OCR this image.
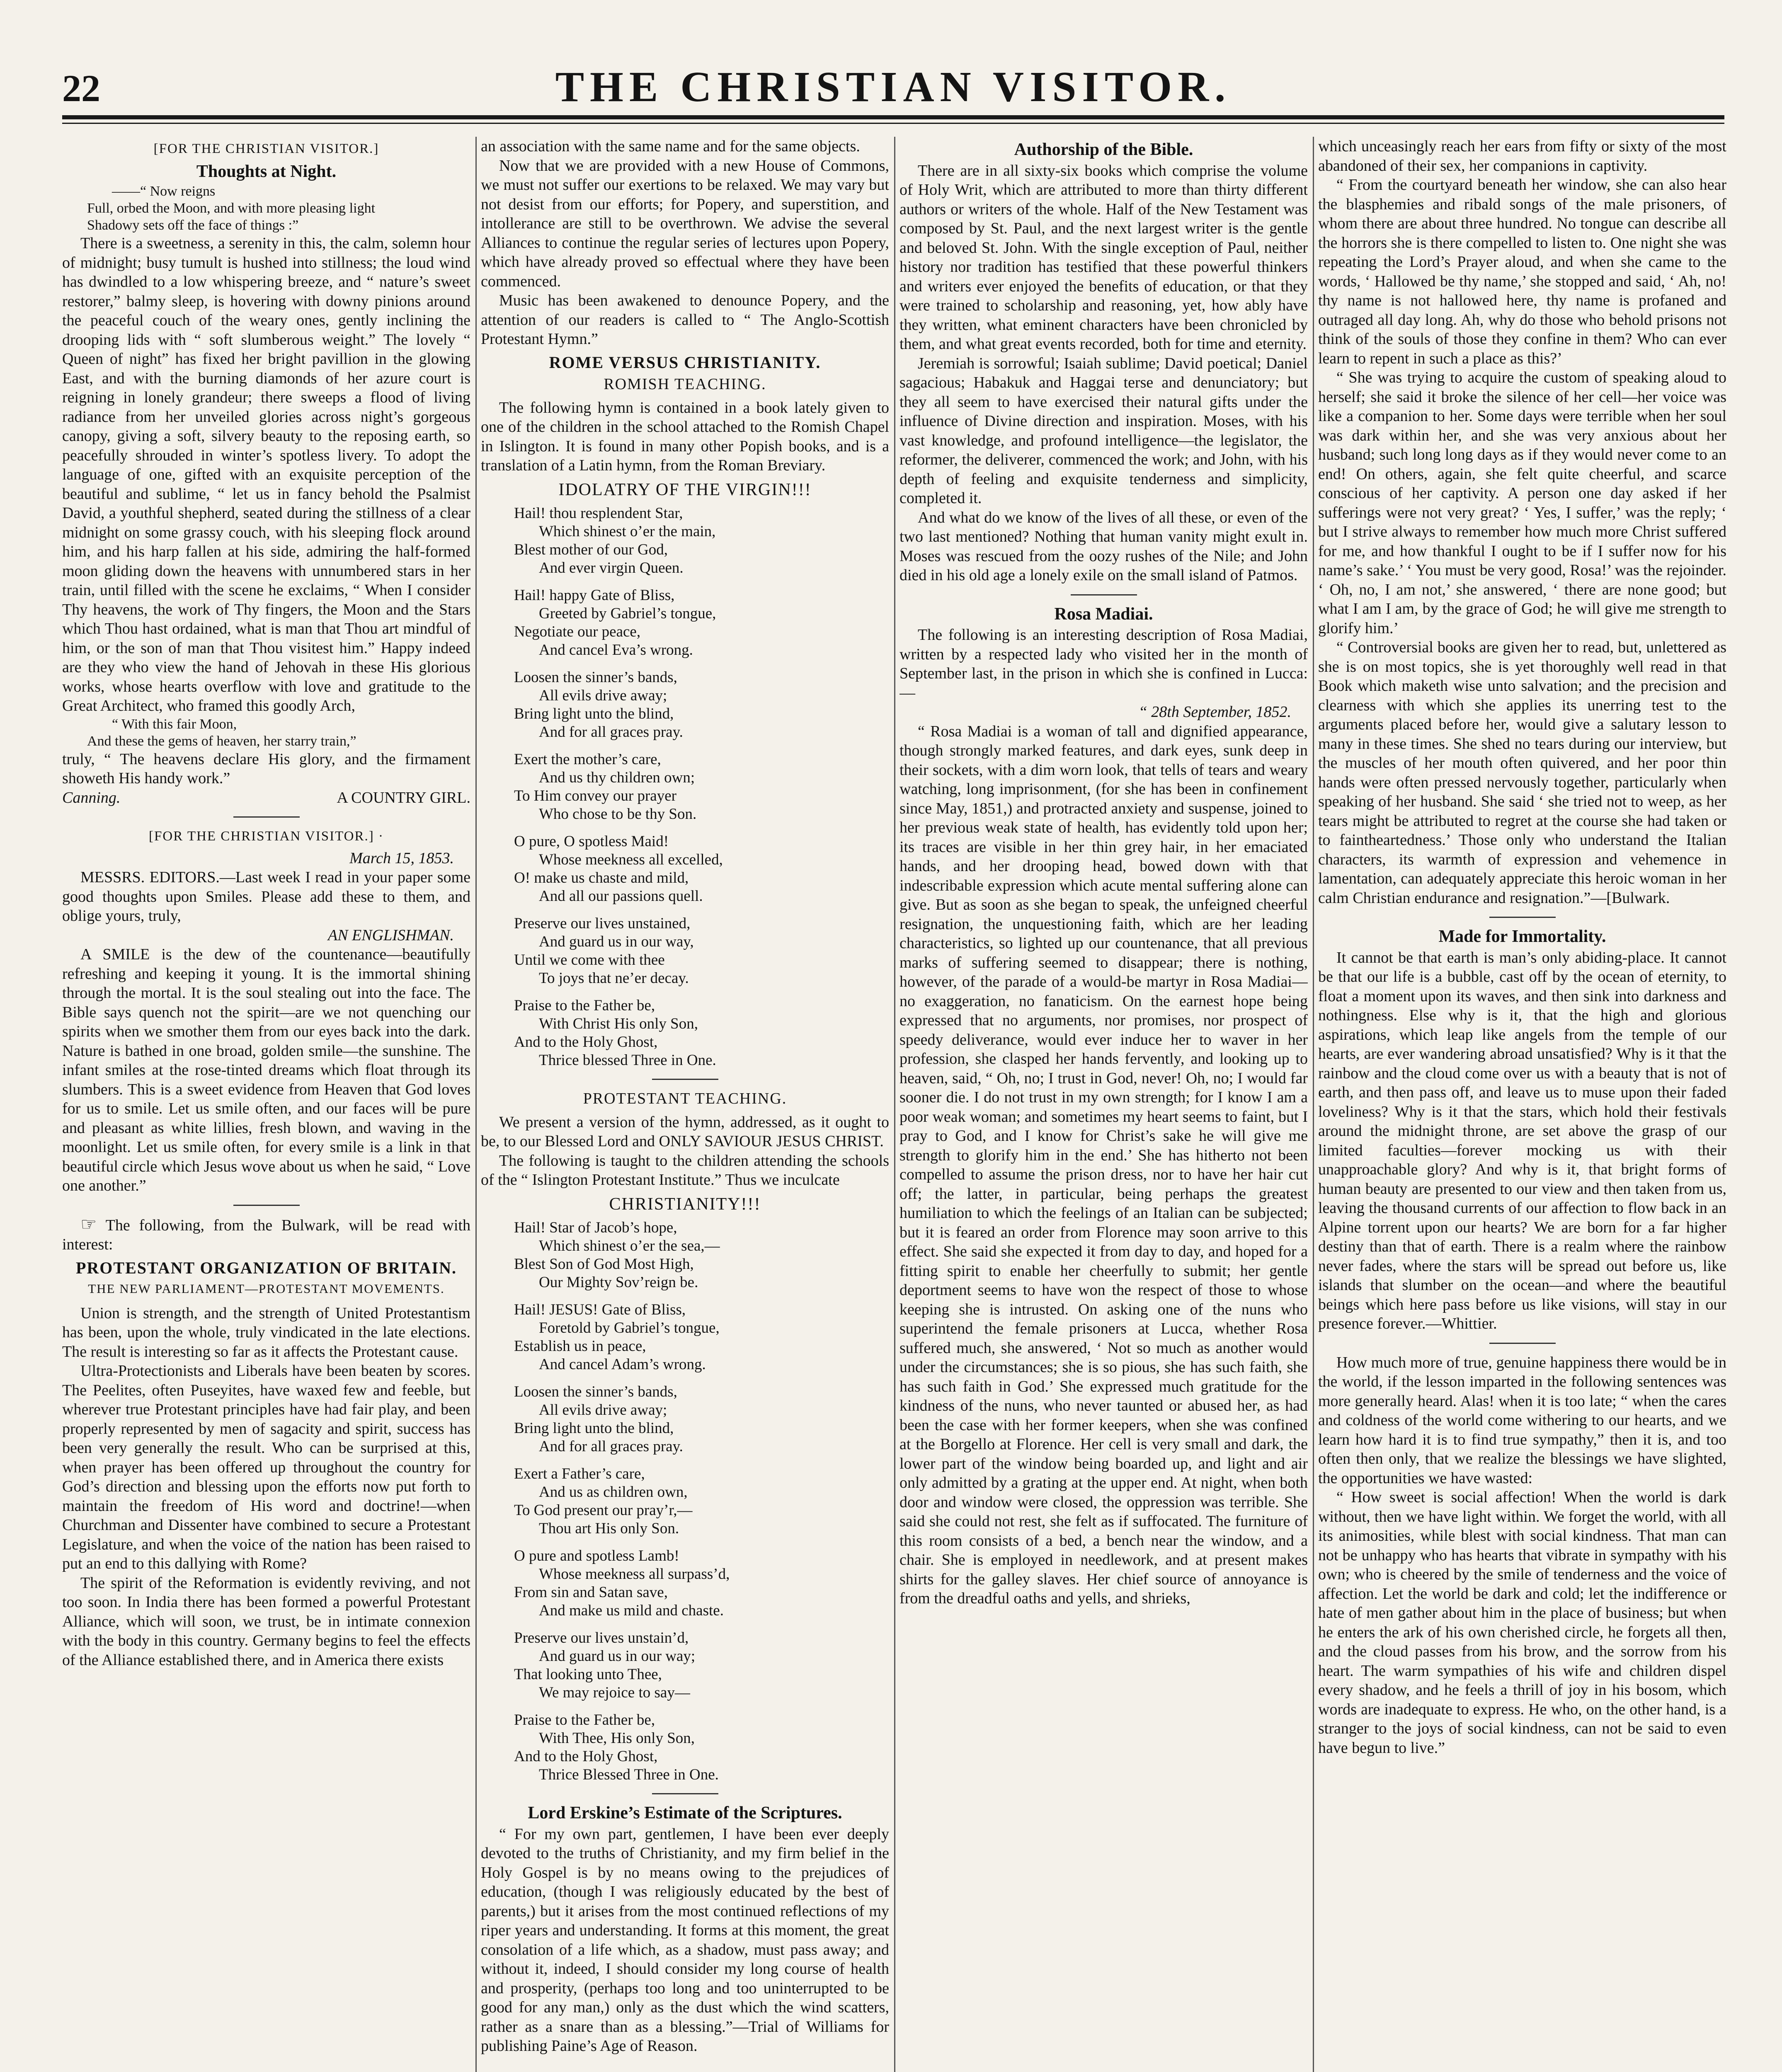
22	THE CHRISTIAN VISITOR.

[FOR THE CHRISTIAN VISITOR.]

Thoughts at Night.

——“ Now reigns
Full, orbed the Moon, and with more pleasing light
Shadowy sets off the face of things :”

There is a sweetness, a serenity in this, the calm, solemn hour of midnight; busy tumult is hushed into stillness; the loud wind has dwindled to a low whispering breeze, and “ nature’s sweet restorer,” balmy sleep, is hovering with downy pinions around the peaceful couch of the weary ones, gently inclining the drooping lids with “ soft slumberous weight.” The lovely “ Queen of night” has fixed her bright pavillion in the glowing East, and with the burning diamonds of her azure court is reigning in lonely grandeur; there sweeps a flood of living radiance from her unveiled glories across night’s gorgeous canopy, giving a soft, silvery beauty to the reposing earth, so peacefully shrouded in winter’s spotless livery. To adopt the language of one, gifted with an exquisite perception of the beautiful and sublime, “ let us in fancy behold the Psalmist David, a youthful shepherd, seated during the stillness of a clear midnight on some grassy couch, with his sleeping flock around him, and his harp fallen at his side, admiring the half-formed moon gliding down the heavens with unnumbered stars in her train, until filled with the scene he exclaims, “ When I consider Thy heavens, the work of Thy fingers, the Moon and the Stars which Thou hast ordained, what is man that Thou art mindful of him, or the son of man that Thou visitest him.” Happy indeed are they who view the hand of Jehovah in these His glorious works, whose hearts overflow with love and gratitude to the Great Architect, who framed this goodly Arch,

“ With this fair Moon,
And these the gems of heaven, her starry train,”

truly, “ The heavens declare His glory, and the firmament showeth His handy work.”

Canning.	A COUNTRY GIRL.

[FOR THE CHRISTIAN VISITOR.] ·

March 15, 1853.

MESSRS. EDITORS.—Last week I read in your paper some good thoughts upon Smiles. Please add these to them, and oblige yours, truly,

AN ENGLISHMAN.

A SMILE is the dew of the countenance—beautifully refreshing and keeping it young. It is the immortal shining through the mortal. It is the soul stealing out into the face. The Bible says quench not the spirit—are we not quenching our spirits when we smother them from our eyes back into the dark. Nature is bathed in one broad, golden smile—the sunshine. The infant smiles at the rose-tinted dreams which float through its slumbers. This is a sweet evidence from Heaven that God loves for us to smile. Let us smile often, and our faces will be pure and pleasant as white lillies, fresh blown, and waving in the moonlight. Let us smile often, for every smile is a link in that beautiful circle which Jesus wove about us when he said, “ Love one another.”

☞ The following, from the Bulwark, will be read with interest:

PROTESTANT ORGANIZATION OF BRITAIN.

THE NEW PARLIAMENT—PROTESTANT MOVEMENTS.

Union is strength, and the strength of United Protestantism has been, upon the whole, truly vindicated in the late elections. The result is interesting so far as it affects the Protestant cause.

Ultra-Protectionists and Liberals have been beaten by scores. The Peelites, often Puseyites, have waxed few and feeble, but wherever true Protestant principles have had fair play, and been properly represented by men of sagacity and spirit, success has been very generally the result. Who can be surprised at this, when prayer has been offered up throughout the country for God’s direction and blessing upon the efforts now put forth to maintain the freedom of His word and doctrine!—when Churchman and Dissenter have combined to secure a Protestant Legislature, and when the voice of the nation has been raised to put an end to this dallying with Rome?

The spirit of the Reformation is evidently reviving, and not too soon. In India there has been formed a powerful Protestant Alliance, which will soon, we trust, be in intimate connexion with the body in this country. Germany begins to feel the effects of the Alliance established there, and in America there exists

an association with the same name and for the same objects.

Now that we are provided with a new House of Commons, we must not suffer our exertions to be relaxed. We may vary but not desist from our efforts; for Popery, and superstition, and intollerance are still to be overthrown. We advise the several Alliances to continue the regular series of lectures upon Popery, which have already proved so effectual where they have been commenced.

Music has been awakened to denounce Popery, and the attention of our readers is called to “ The Anglo-Scottish Protestant Hymn.”

ROME VERSUS CHRISTIANITY.

ROMISH TEACHING.

The following hymn is contained in a book lately given to one of the children in the school attached to the Romish Chapel in Islington. It is found in many other Popish books, and is a translation of a Latin hymn, from the Roman Breviary.

IDOLATRY OF THE VIRGIN!!!

Hail! thou resplendent Star,
Which shinest o’er the main,
Blest mother of our God,
And ever virgin Queen.
Hail! happy Gate of Bliss,
Greeted by Gabriel’s tongue,
Negotiate our peace,
And cancel Eva’s wrong.
Loosen the sinner’s bands,
All evils drive away;
Bring light unto the blind,
And for all graces pray.
Exert the mother’s care,
And us thy children own;
To Him convey our prayer
Who chose to be thy Son.
O pure, O spotless Maid!
Whose meekness all excelled,
O! make us chaste and mild,
And all our passions quell.
Preserve our lives unstained,
And guard us in our way,
Until we come with thee
To joys that ne’er decay.
Praise to the Father be,
With Christ His only Son,
And to the Holy Ghost,
Thrice blessed Three in One.

PROTESTANT TEACHING.

We present a version of the hymn, addressed, as it ought to be, to our Blessed Lord and ONLY SAVIOUR JESUS CHRIST.

The following is taught to the children attending the schools of the “ Islington Protestant Institute.” Thus we inculcate

CHRISTIANITY!!!

Hail! Star of Jacob’s hope,
Which shinest o’er the sea,—
Blest Son of God Most High,
Our Mighty Sov’reign be.
Hail! JESUS! Gate of Bliss,
Foretold by Gabriel’s tongue,
Establish us in peace,
And cancel Adam’s wrong.
Loosen the sinner’s bands,
All evils drive away;
Bring light unto the blind,
And for all graces pray.
Exert a Father’s care,
And us as children own,
To God present our pray’r,—
Thou art His only Son.
O pure and spotless Lamb!
Whose meekness all surpass’d,
From sin and Satan save,
And make us mild and chaste.
Preserve our lives unstain’d,
And guard us in our way;
That looking unto Thee,
We may rejoice to say—
Praise to the Father be,
With Thee, His only Son,
And to the Holy Ghost,
Thrice Blessed Three in One.

Lord Erskine’s Estimate of the Scriptures.

“ For my own part, gentlemen, I have been ever deeply devoted to the truths of Christianity, and my firm belief in the Holy Gospel is by no means owing to the prejudices of education, (though I was religiously educated by the best of parents,) but it arises from the most continued reflections of my riper years and understanding. It forms at this moment, the great consolation of a life which, as a shadow, must pass away; and without it, indeed, I should consider my long course of health and prosperity, (perhaps too long and too uninterrupted to be good for any man,) only as the dust which the wind scatters, rather as a snare than as a blessing.”—Trial of Williams for publishing Paine’s Age of Reason.

Authorship of the Bible.

There are in all sixty-six books which comprise the volume of Holy Writ, which are attributed to more than thirty different authors or writers of the whole. Half of the New Testament was composed by St. Paul, and the next largest writer is the gentle and beloved St. John. With the single exception of Paul, neither history nor tradition has testified that these powerful thinkers and writers ever enjoyed the benefits of education, or that they were trained to scholarship and reasoning, yet, how ably have they written, what eminent characters have been chronicled by them, and what great events recorded, both for time and eternity.

Jeremiah is sorrowful; Isaiah sublime; David poetical; Daniel sagacious; Habakuk and Haggai terse and denunciatory; but they all seem to have exercised their natural gifts under the influence of Divine direction and inspiration. Moses, with his vast knowledge, and profound intelligence—the legislator, the reformer, the deliverer, commenced the work; and John, with his depth of feeling and exquisite tenderness and simplicity, completed it.

And what do we know of the lives of all these, or even of the two last mentioned? Nothing that human vanity might exult in. Moses was rescued from the oozy rushes of the Nile; and John died in his old age a lonely exile on the small island of Patmos.

Rosa Madiai.

The following is an interesting description of Rosa Madiai, written by a respected lady who visited her in the month of September last, in the prison in which she is confined in Lucca:—

“ 28th September, 1852.

“ Rosa Madiai is a woman of tall and dignified appearance, though strongly marked features, and dark eyes, sunk deep in their sockets, with a dim worn look, that tells of tears and weary watching, long imprisonment, (for she has been in confinement since May, 1851,) and protracted anxiety and suspense, joined to her previous weak state of health, has evidently told upon her; its traces are visible in her thin grey hair, in her emaciated hands, and her drooping head, bowed down with that indescribable expression which acute mental suffering alone can give. But as soon as she began to speak, the unfeigned cheerful resignation, the unquestioning faith, which are her leading characteristics, so lighted up our countenance, that all previous marks of suffering seemed to disappear; there is nothing, however, of the parade of a would-be martyr in Rosa Madiai—no exaggeration, no fanaticism. On the earnest hope being expressed that no arguments, nor promises, nor prospect of speedy deliverance, would ever induce her to waver in her profession, she clasped her hands fervently, and looking up to heaven, said, “ Oh, no; I trust in God, never! Oh, no; I would far sooner die. I do not trust in my own strength; for I know I am a poor weak woman; and sometimes my heart seems to faint, but I pray to God, and I know for Christ’s sake he will give me strength to glorify him in the end.’ She has hitherto not been compelled to assume the prison dress, nor to have her hair cut off; the latter, in particular, being perhaps the greatest humiliation to which the feelings of an Italian can be subjected; but it is feared an order from Florence may soon arrive to this effect. She said she expected it from day to day, and hoped for a fitting spirit to enable her cheerfully to submit; her gentle deportment seems to have won the respect of those to whose keeping she is intrusted. On asking one of the nuns who superintend the female prisoners at Lucca, whether Rosa suffered much, she answered, ‘ Not so much as another would under the circumstances; she is so pious, she has such faith, she has such faith in God.’ She expressed much gratitude for the kindness of the nuns, who never taunted or abused her, as had been the case with her former keepers, when she was confined at the Borgello at Florence. Her cell is very small and dark, the lower part of the window being boarded up, and light and air only admitted by a grating at the upper end. At night, when both door and window were closed, the oppression was terrible. She said she could not rest, she felt as if suffocated. The furniture of this room consists of a bed, a bench near the window, and a chair. She is employed in needlework, and at present makes shirts for the galley slaves. Her chief source of annoyance is from the dreadful oaths and yells, and shrieks,

which unceasingly reach her ears from fifty or sixty of the most abandoned of their sex, her companions in captivity.

“ From the courtyard beneath her window, she can also hear the blasphemies and ribald songs of the male prisoners, of whom there are about three hundred. No tongue can describe all the horrors she is there compelled to listen to. One night she was repeating the Lord’s Prayer aloud, and when she came to the words, ‘ Hallowed be thy name,’ she stopped and said, ‘ Ah, no! thy name is not hallowed here, thy name is profaned and outraged all day long. Ah, why do those who behold prisons not think of the souls of those they confine in them? Who can ever learn to repent in such a place as this?’

“ She was trying to acquire the custom of speaking aloud to herself; she said it broke the silence of her cell—her voice was like a companion to her. Some days were terrible when her soul was dark within her, and she was very anxious about her husband; such long long days as if they would never come to an end! On others, again, she felt quite cheerful, and scarce conscious of her captivity. A person one day asked if her sufferings were not very great? ‘ Yes, I suffer,’ was the reply; ‘ but I strive always to remember how much more Christ suffered for me, and how thankful I ought to be if I suffer now for his name’s sake.’ ‘ You must be very good, Rosa!’ was the rejoinder. ‘ Oh, no, I am not,’ she answered, ‘ there are none good; but what I am I am, by the grace of God; he will give me strength to glorify him.’

“ Controversial books are given her to read, but, unlettered as she is on most topics, she is yet thoroughly well read in that Book which maketh wise unto salvation; and the precision and clearness with which she applies its unerring test to the arguments placed before her, would give a salutary lesson to many in these times. She shed no tears during our interview, but the muscles of her mouth often quivered, and her poor thin hands were often pressed nervously together, particularly when speaking of her husband. She said ‘ she tried not to weep, as her tears might be attributed to regret at the course she had taken or to faintheartedness.’ Those only who understand the Italian characters, its warmth of expression and vehemence in lamentation, can adequately appreciate this heroic woman in her calm Christian endurance and resignation.”—[Bulwark.

Made for Immortality.

It cannot be that earth is man’s only abiding-place. It cannot be that our life is a bubble, cast off by the ocean of eternity, to float a moment upon its waves, and then sink into darkness and nothingness. Else why is it, that the high and glorious aspirations, which leap like angels from the temple of our hearts, are ever wandering abroad unsatisfied? Why is it that the rainbow and the cloud come over us with a beauty that is not of earth, and then pass off, and leave us to muse upon their faded loveliness? Why is it that the stars, which hold their festivals around the midnight throne, are set above the grasp of our limited faculties—forever mocking us with their unapproachable glory? And why is it, that bright forms of human beauty are presented to our view and then taken from us, leaving the thousand currents of our affection to flow back in an Alpine torrent upon our hearts? We are born for a far higher destiny than that of earth. There is a realm where the rainbow never fades, where the stars will be spread out before us, like islands that slumber on the ocean—and where the beautiful beings which here pass before us like visions, will stay in our presence forever.—Whittier.

How much more of true, genuine happiness there would be in the world, if the lesson imparted in the following sentences was more generally heard. Alas! when it is too late; “ when the cares and coldness of the world come withering to our hearts, and we learn how hard it is to find true sympathy,” then it is, and too often then only, that we realize the blessings we have slighted, the opportunities we have wasted:

“ How sweet is social affection! When the world is dark without, then we have light within. We forget the world, with all its animosities, while blest with social kindness. That man can not be unhappy who has hearts that vibrate in sympathy with his own; who is cheered by the smile of tenderness and the voice of affection. Let the world be dark and cold; let the indifference or hate of men gather about him in the place of business; but when he enters the ark of his own cherished circle, he forgets all then, and the cloud passes from his brow, and the sorrow from his heart. The warm sympathies of his wife and children dispel every shadow, and he feels a thrill of joy in his bosom, which words are inadequate to express. He who, on the other hand, is a stranger to the joys of social kindness, can not be said to even have begun to live.”
